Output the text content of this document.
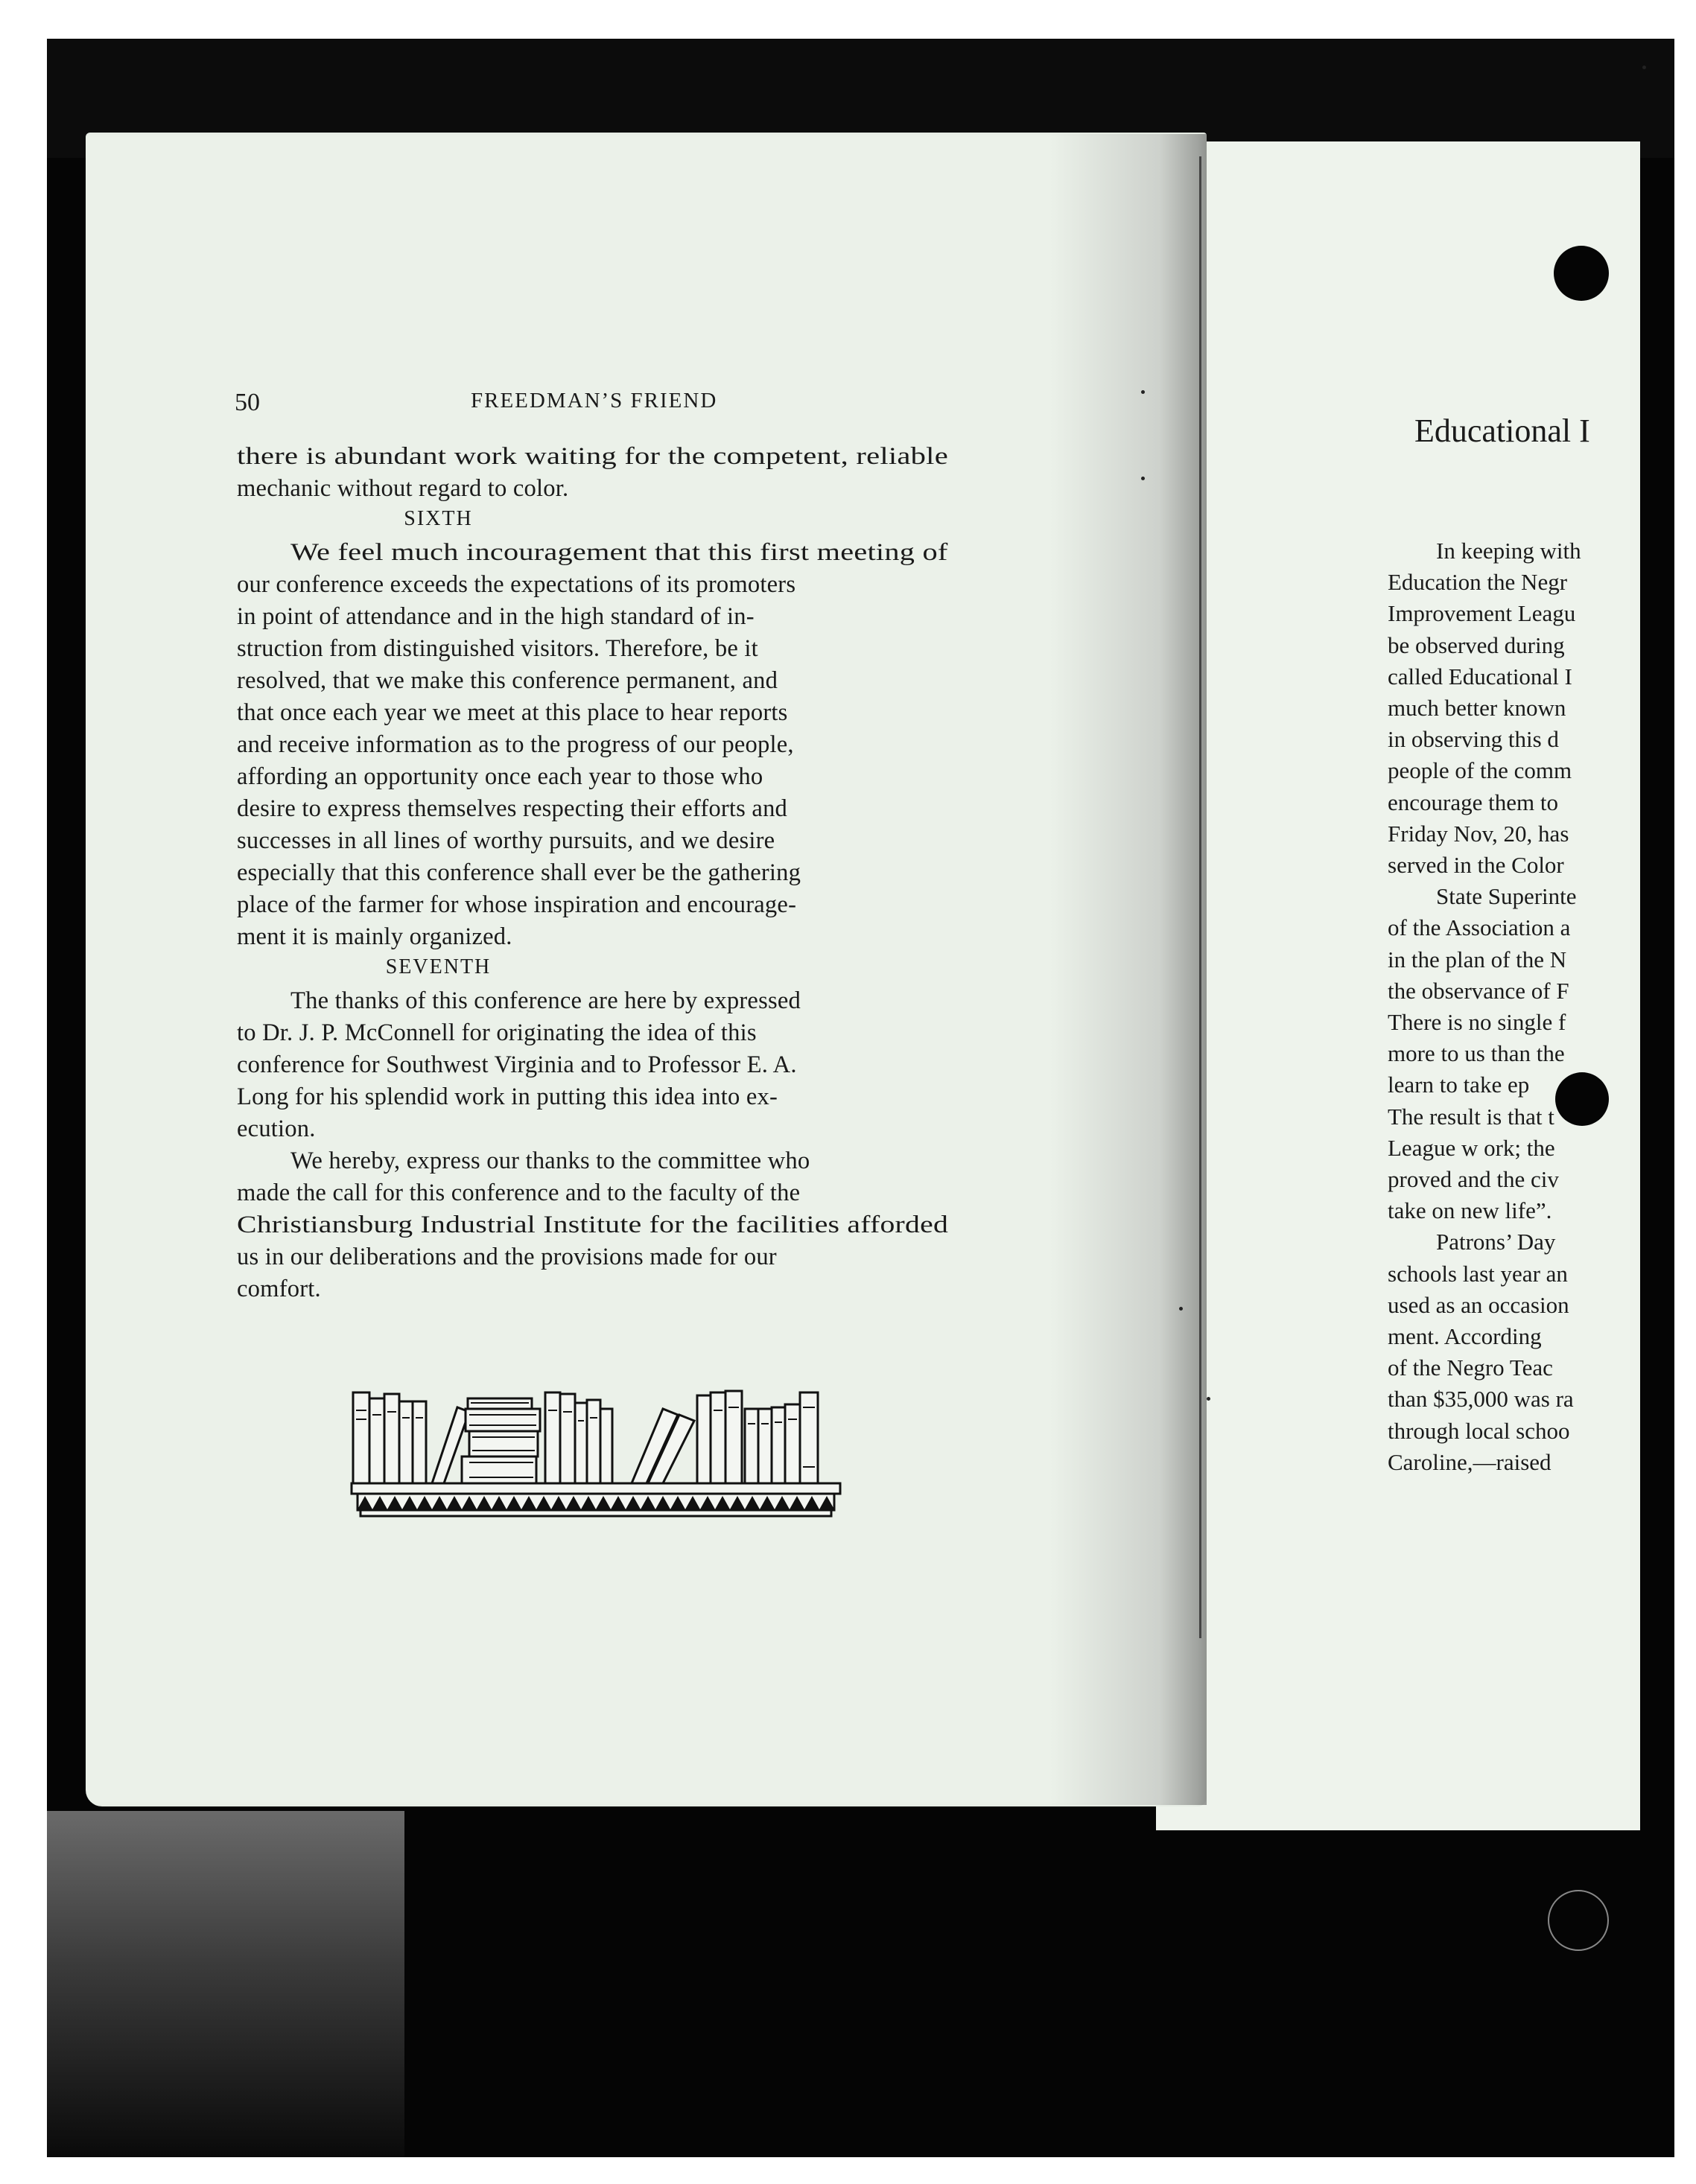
50	FREEDMAN’S FRIEND
there is abundant work waiting for the competent, reliable
mechanic without regard to color.
SIXTH
We feel much incouragement that this first meeting of
our conference exceeds the expectations of its promoters
in point of attendance and in the high standard of in-
struction from distinguished visitors. Therefore, be it
resolved, that we make this conference permanent, and
that once each year we meet at this place to hear reports
and receive information as to the progress of our people,
affording an opportunity once each year to those who
desire to express themselves respecting their efforts and
successes in all lines of worthy pursuits, and we desire
especially that this conference shall ever be the gathering
place of the farmer for whose inspiration and encourage-
ment it is mainly organized.
SEVENTH
The thanks of this conference are here by expressed
to Dr. J. P. McConnell for originating the idea of this
conference for Southwest Virginia and to Professor E. A.
Long for his splendid work in putting this idea into ex-
ecution.
We hereby, express our thanks to the committee who
made the call for this conference and to the faculty of the
Christiansburg Industrial Institute for the facilities afforded
us in our deliberations and the provisions made for our
comfort.
Educational I
In keeping with
Education the Negr
Improvement Leagu
be observed during
called Educational I
much better known
in observing this d
people of the comm
encourage them to
Friday Nov, 20, has
served in the Color
State Superinte
of the Association a
in the plan of the N
the observance of F
There is no single f
more to us than the
learn to take ep
The result is that t
League w ork; the
proved and the civ
take on new life”.
Patrons’ Day
schools last year an
used as an occasion
ment. According
of the Negro Teac
than $35,000 was ra
through local schoo
Caroline,—raised
